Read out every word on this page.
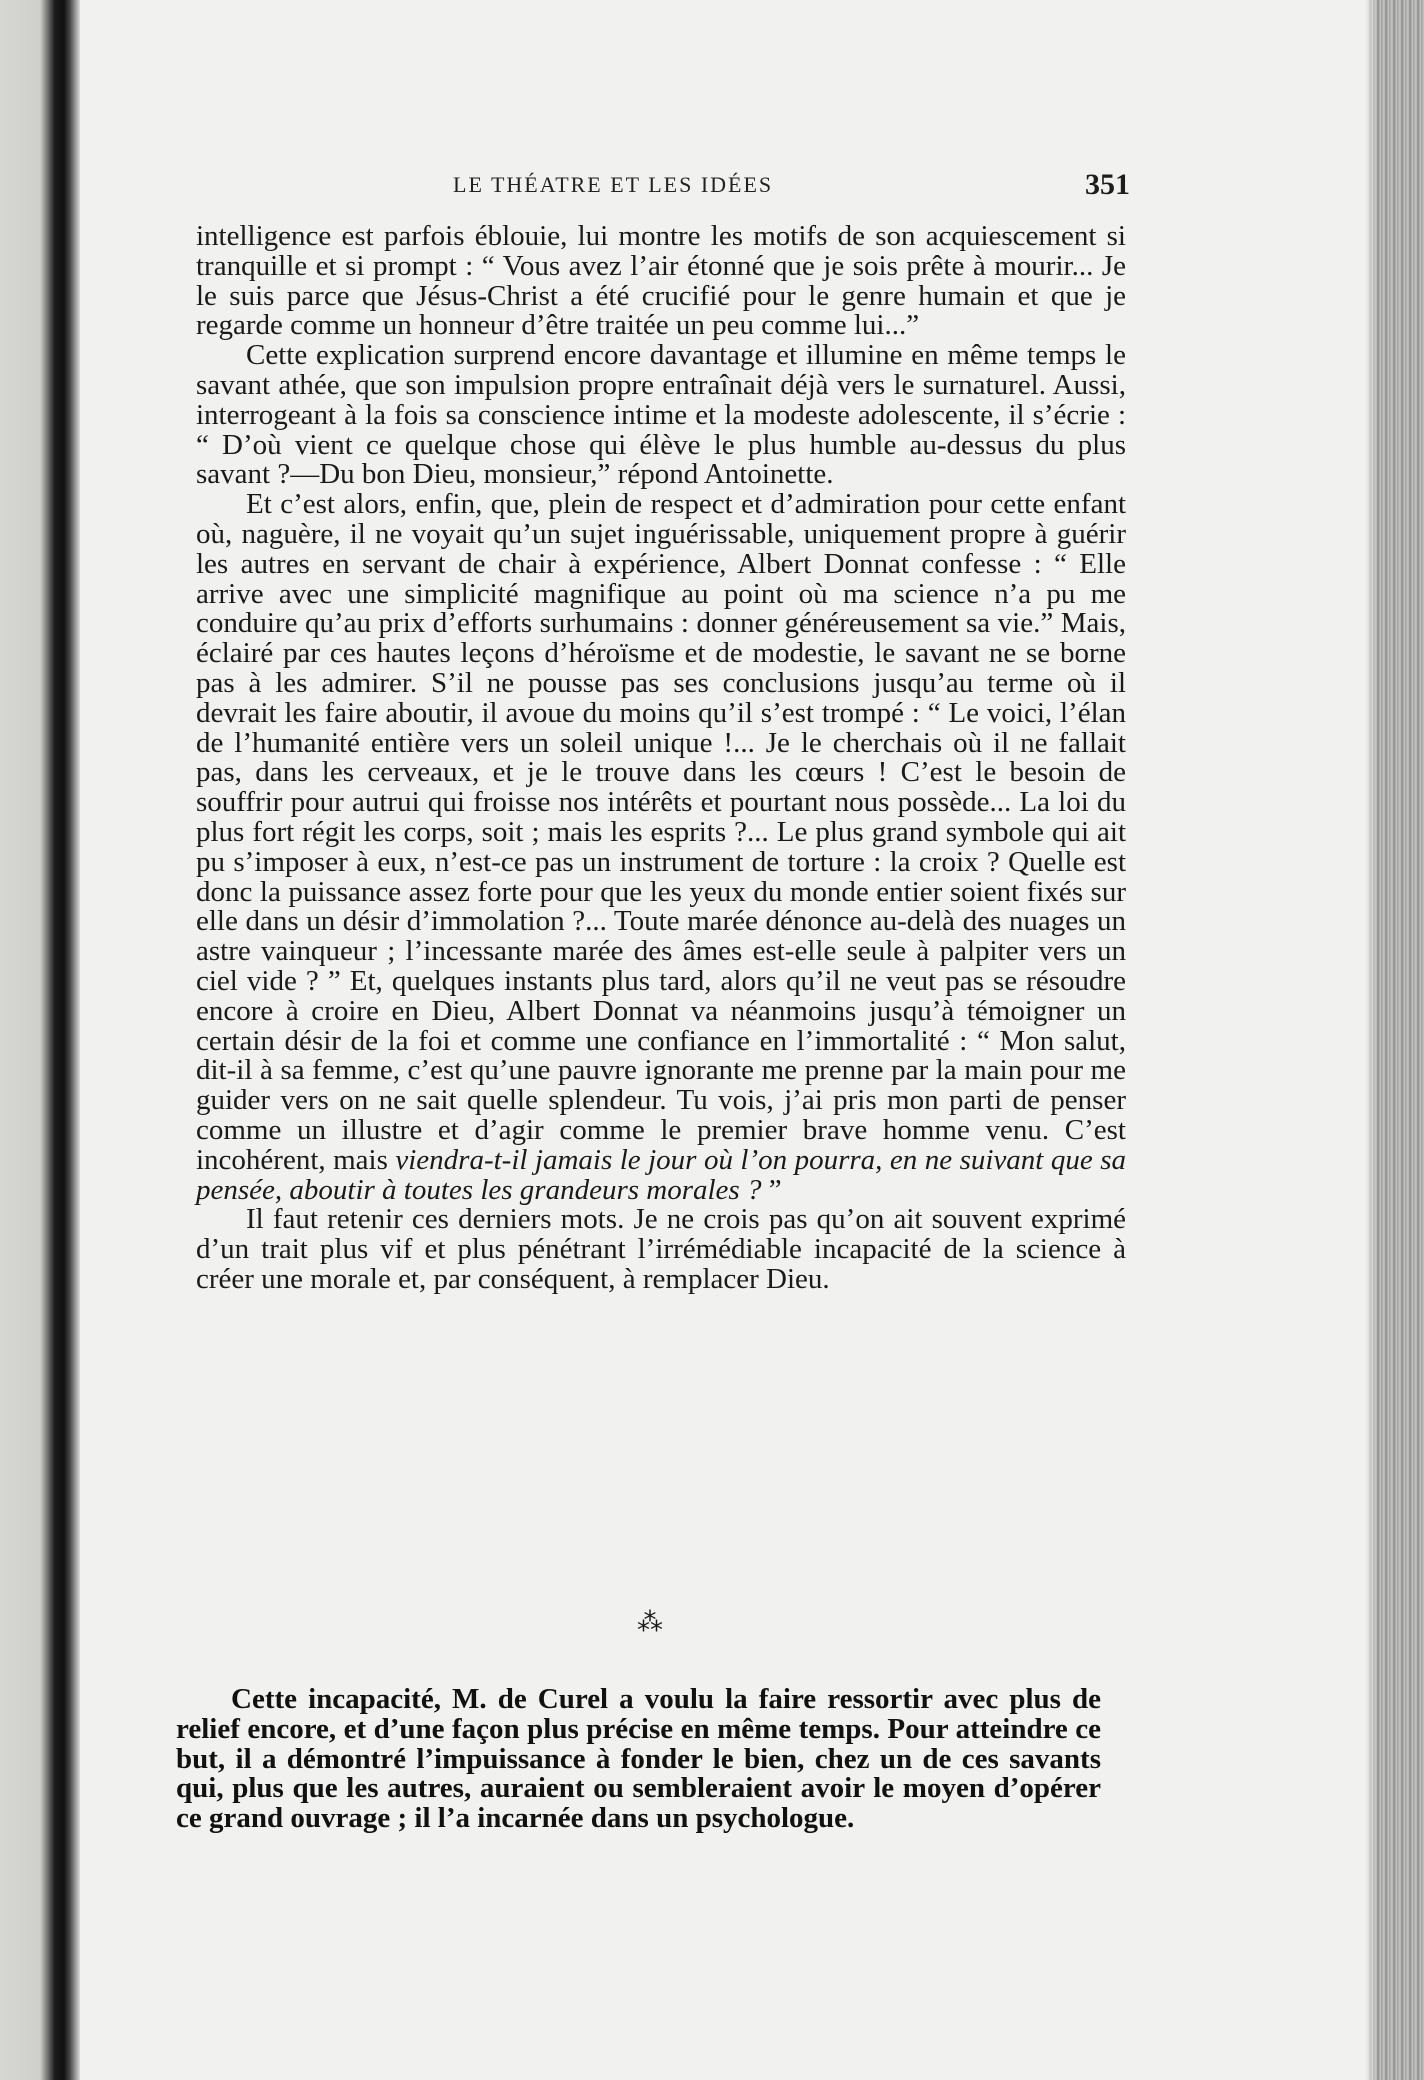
LE THÉATRE ET LES IDÉES	351

intelligence est parfois éblouie, lui montre les motifs de son acquiescement si tranquille et si prompt : “ Vous avez l’air étonné que je sois prête à mourir... Je le suis parce que Jésus-Christ a été crucifié pour le genre humain et que je regarde comme un honneur d’être traitée un peu comme lui...”

Cette explication surprend encore davantage et illumine en même temps le savant athée, que son impulsion propre entraînait déjà vers le surnaturel. Aussi, interrogeant à la fois sa conscience intime et la modeste adolescente, il s’écrie : “ D’où vient ce quelque chose qui élève le plus humble au-dessus du plus savant ?—Du bon Dieu, monsieur,” répond Antoinette.

Et c’est alors, enfin, que, plein de respect et d’admiration pour cette enfant où, naguère, il ne voyait qu’un sujet inguérissable, uniquement propre à guérir les autres en servant de chair à expérience, Albert Donnat confesse : “ Elle arrive avec une simplicité magnifique au point où ma science n’a pu me conduire qu’au prix d’efforts surhumains : donner généreusement sa vie.” Mais, éclairé par ces hautes leçons d’héroïsme et de modestie, le savant ne se borne pas à les admirer. S’il ne pousse pas ses conclusions jusqu’au terme où il devrait les faire aboutir, il avoue du moins qu’il s’est trompé : “ Le voici, l’élan de l’humanité entière vers un soleil unique !... Je le cherchais où il ne fallait pas, dans les cerveaux, et je le trouve dans les cœurs ! C’est le besoin de souffrir pour autrui qui froisse nos intérêts et pourtant nous possède... La loi du plus fort régit les corps, soit ; mais les esprits ?... Le plus grand symbole qui ait pu s’imposer à eux, n’est-ce pas un instrument de torture : la croix ? Quelle est donc la puissance assez forte pour que les yeux du monde entier soient fixés sur elle dans un désir d’immolation ?... Toute marée dénonce au-delà des nuages un astre vainqueur ; l’incessante marée des âmes est-elle seule à palpiter vers un ciel vide ? ” Et, quelques instants plus tard, alors qu’il ne veut pas se résoudre encore à croire en Dieu, Albert Donnat va néanmoins jusqu’à témoigner un certain désir de la foi et comme une confiance en l’immortalité : “ Mon salut, dit-il à sa femme, c’est qu’une pauvre ignorante me prenne par la main pour me guider vers on ne sait quelle splendeur. Tu vois, j’ai pris mon parti de penser comme un illustre et d’agir comme le premier brave homme venu. C’est incohérent, mais viendra-t-il jamais le jour où l’on pourra, en ne suivant que sa pensée, aboutir à toutes les grandeurs morales ? ”

Il faut retenir ces derniers mots. Je ne crois pas qu’on ait souvent exprimé d’un trait plus vif et plus pénétrant l’irrémédiable incapacité de la science à créer une morale et, par conséquent, à remplacer Dieu.

⁂

Cette incapacité, M. de Curel a voulu la faire ressortir avec plus de relief encore, et d’une façon plus précise en même temps. Pour atteindre ce but, il a démontré l’impuissance à fonder le bien, chez un de ces savants qui, plus que les autres, auraient ou sembleraient avoir le moyen d’opérer ce grand ouvrage ; il l’a incarnée dans un psychologue.
